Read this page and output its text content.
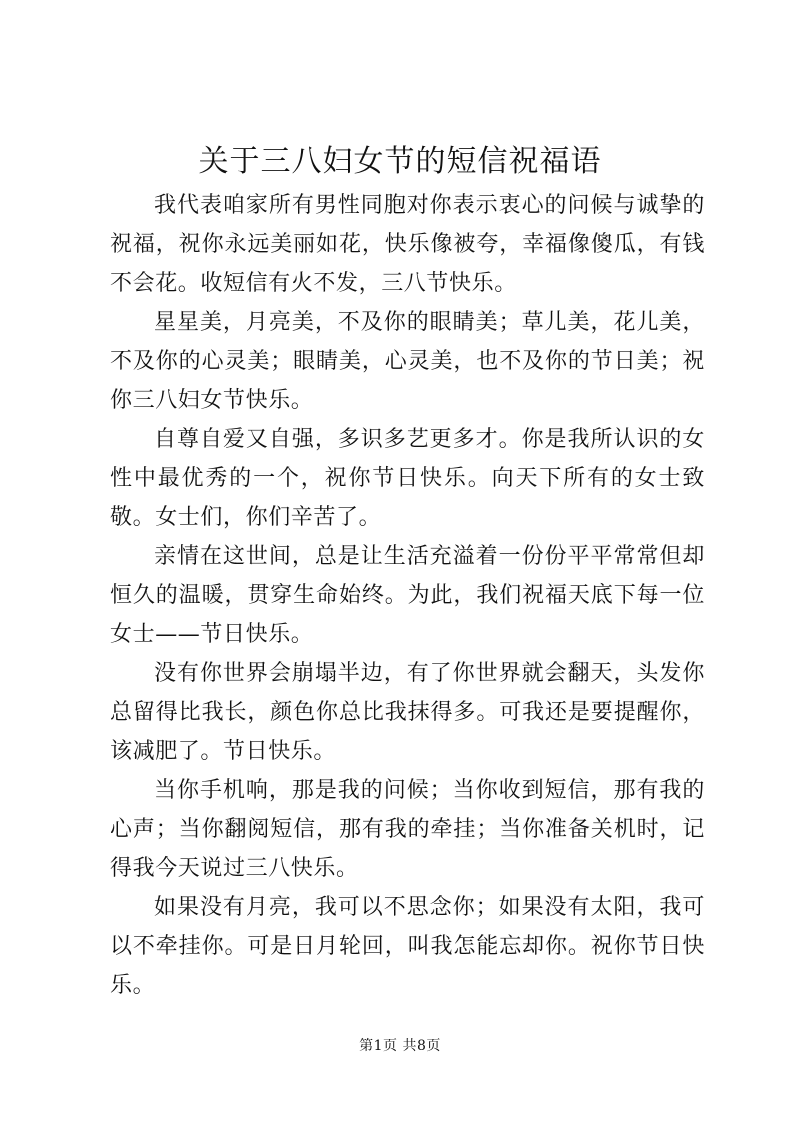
关于三八妇女节的短信祝福语

我代表咱家所有男性同胞对你表示衷心的问候与诚挚的祝福，祝你永远美丽如花，快乐像被夸，幸福像傻瓜，有钱不会花。收短信有火不发，三八节快乐。

星星美，月亮美，不及你的眼睛美；草儿美，花儿美，不及你的心灵美；眼睛美，心灵美，也不及你的节日美；祝你三八妇女节快乐。

自尊自爱又自强，多识多艺更多才。你是我所认识的女性中最优秀的一个，祝你节日快乐。向天下所有的女士致敬。女士们，你们辛苦了。

亲情在这世间，总是让生活充溢着一份份平平常常但却恒久的温暖，贯穿生命始终。为此，我们祝福天底下每一位女士——节日快乐。

没有你世界会崩塌半边，有了你世界就会翻天，头发你总留得比我长，颜色你总比我抹得多。可我还是要提醒你，该减肥了。节日快乐。

当你手机响，那是我的问候；当你收到短信，那有我的心声；当你翻阅短信，那有我的牵挂；当你准备关机时，记得我今天说过三八快乐。

如果没有月亮，我可以不思念你；如果没有太阳，我可以不牵挂你。可是日月轮回，叫我怎能忘却你。祝你节日快乐。

第1页 共8页
